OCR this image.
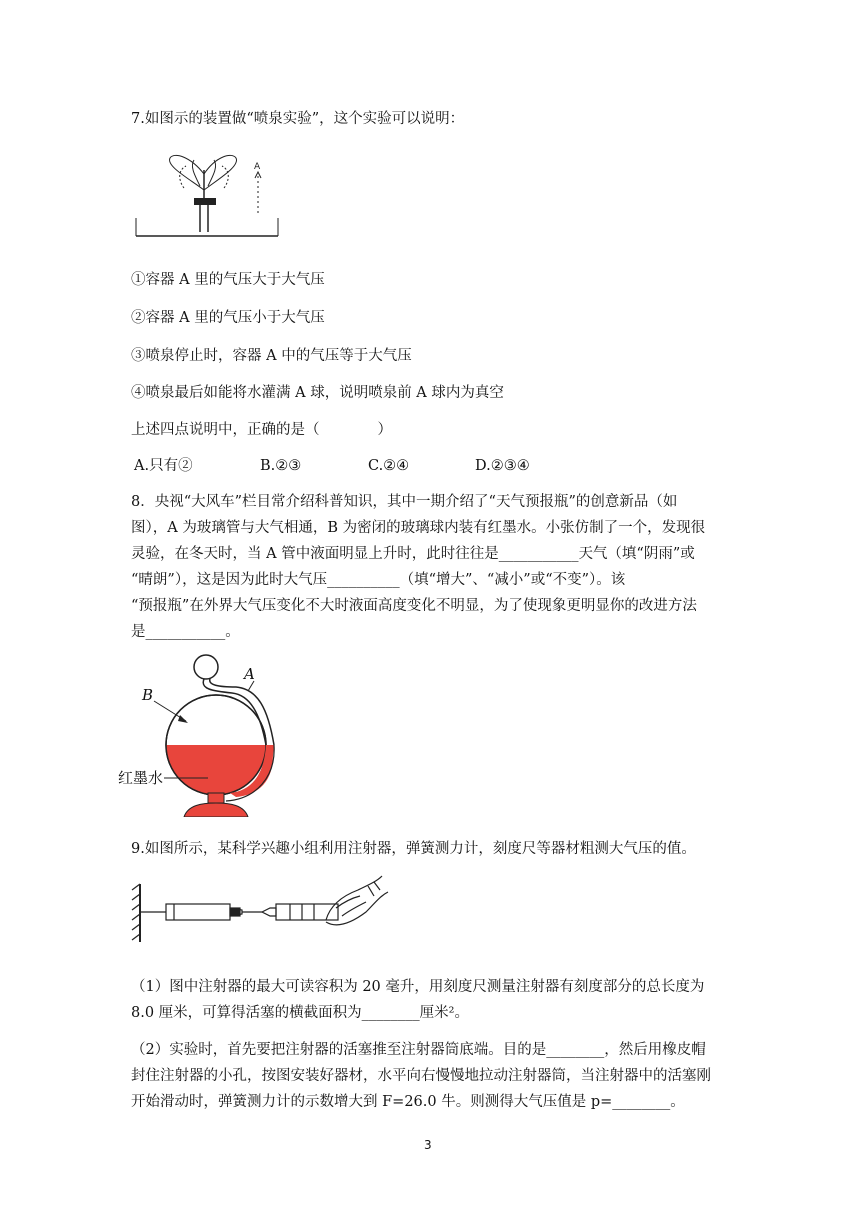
7.如图示的装置做“喷泉实验”，这个实验可以说明：
A
①容器 A 里的气压大于大气压
②容器 A 里的气压小于大气压
③喷泉停止时，容器 A 中的气压等于大气压
④喷泉最后如能将水灌满 A 球，说明喷泉前 A 球内为真空
上述四点说明中，正确的是（　　　　）
A.只有②	B.②③	C.②④	D.②③④
8．央视“大风车”栏目常介绍科普知识，其中一期介绍了“天气预报瓶”的创意新品（如
图），A 为玻璃管与大气相通，B 为密闭的玻璃球内装有红墨水。小张仿制了一个，发现很
灵验，在冬天时，当 A 管中液面明显上升时，此时往往是___________天气（填“阴雨”或
“晴朗”），这是因为此时大气压__________（填“增大”、“减小”或“不变”）。该
“预报瓶”在外界大气压变化不大时液面高度变化不明显，为了使现象更明显你的改进方法
是___________。
A
B
红墨水
9.如图所示，某科学兴趣小组利用注射器，弹簧测力计，刻度尺等器材粗测大气压的值。
（1）图中注射器的最大可读容积为 20 毫升，用刻度尺测量注射器有刻度部分的总长度为
8.0 厘米，可算得活塞的横截面积为________厘米²。
（2）实验时，首先要把注射器的活塞推至注射器筒底端。目的是________，然后用橡皮帽
封住注射器的小孔，按图安装好器材，水平向右慢慢地拉动注射器筒，当注射器中的活塞刚
开始滑动时，弹簧测力计的示数增大到 F=26.0 牛。则测得大气压值是 p=________。
3
